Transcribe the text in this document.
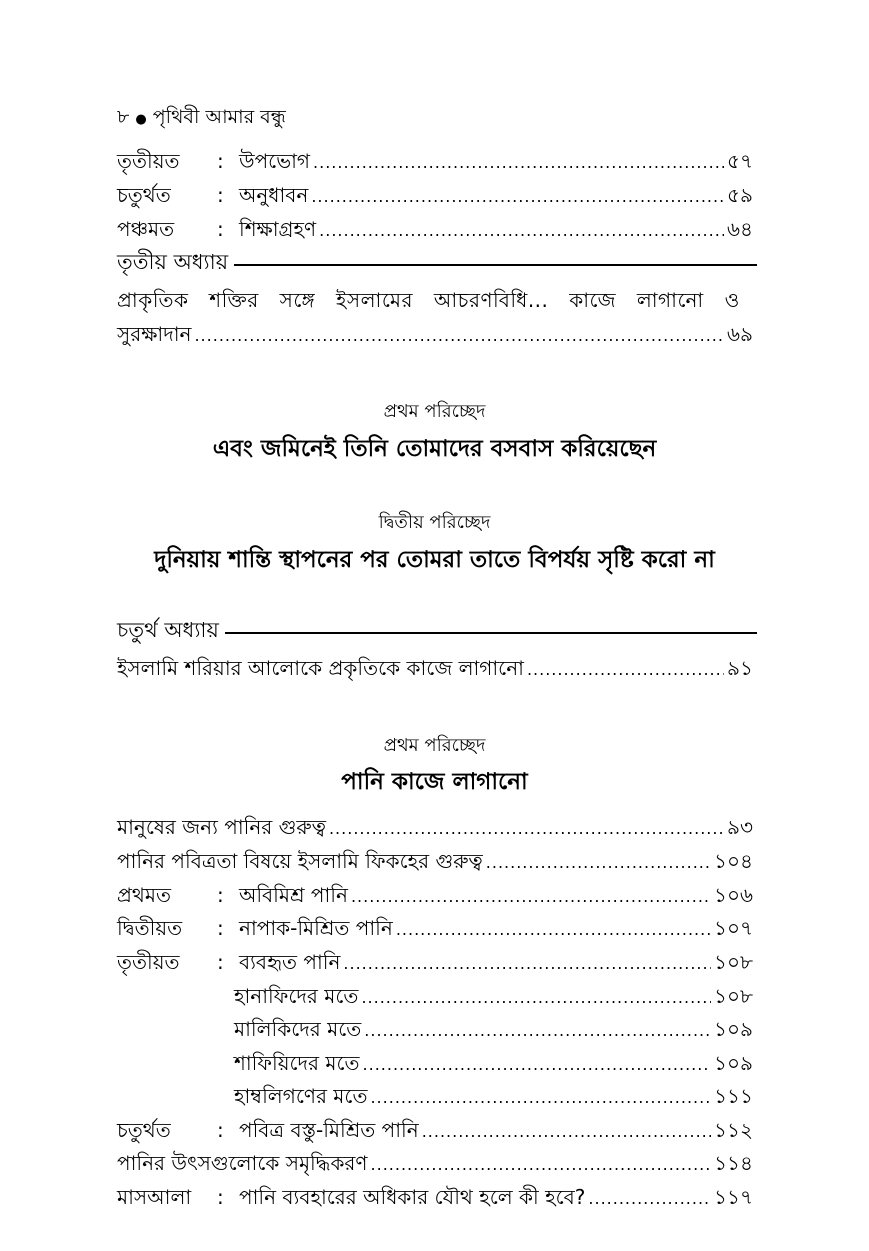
৮ ● পৃথিবী আমার বন্ধু
তৃতীয়ত	: উপভোগ .....	৫৭
চতুর্থত	: অনুধাবন .....	৫৯
পঞ্চমত	: শিক্ষাগ্রহণ .....	৬৪
তৃতীয় অধ্যায়
প্রাকৃতিক শক্তির সঙ্গে ইসলামের আচরণবিধি... কাজে লাগানো ও
সুরক্ষাদান .....	৬৯
প্রথম পরিচ্ছেদ
এবং জমিনেই তিনি তোমাদের বসবাস করিয়েছেন
দ্বিতীয় পরিচ্ছেদ
দুনিয়ায় শান্তি স্থাপনের পর তোমরা তাতে বিপর্যয় সৃষ্টি করো না
চতুর্থ অধ্যায়
ইসলামি শরিয়ার আলোকে প্রকৃতিকে কাজে লাগানো .....	৯১
প্রথম পরিচ্ছেদ
পানি কাজে লাগানো
মানুষের জন্য পানির গুরুত্ব .....	৯৩
পানির পবিত্রতা বিষয়ে ইসলামি ফিকহের গুরুত্ব .....	১০৪
প্রথমত	: অবিমিশ্র পানি .....	১০৬
দ্বিতীয়ত	: নাপাক-মিশ্রিত পানি .....	১০৭
তৃতীয়ত	: ব্যবহৃত পানি .....	১০৮
হানাফিদের মতে .....	১০৮
মালিকিদের মতে .....	১০৯
শাফিয়িদের মতে .....	১০৯
হাম্বলিগণের মতে .....	১১১
চতুর্থত	: পবিত্র বস্তু-মিশ্রিত পানি .....	১১২
পানির উৎসগুলোকে সমৃদ্ধিকরণ .....	১১৪
মাসআলা	: পানি ব্যবহারের অধিকার যৌথ হলে কী হবে? .....	১১৭
